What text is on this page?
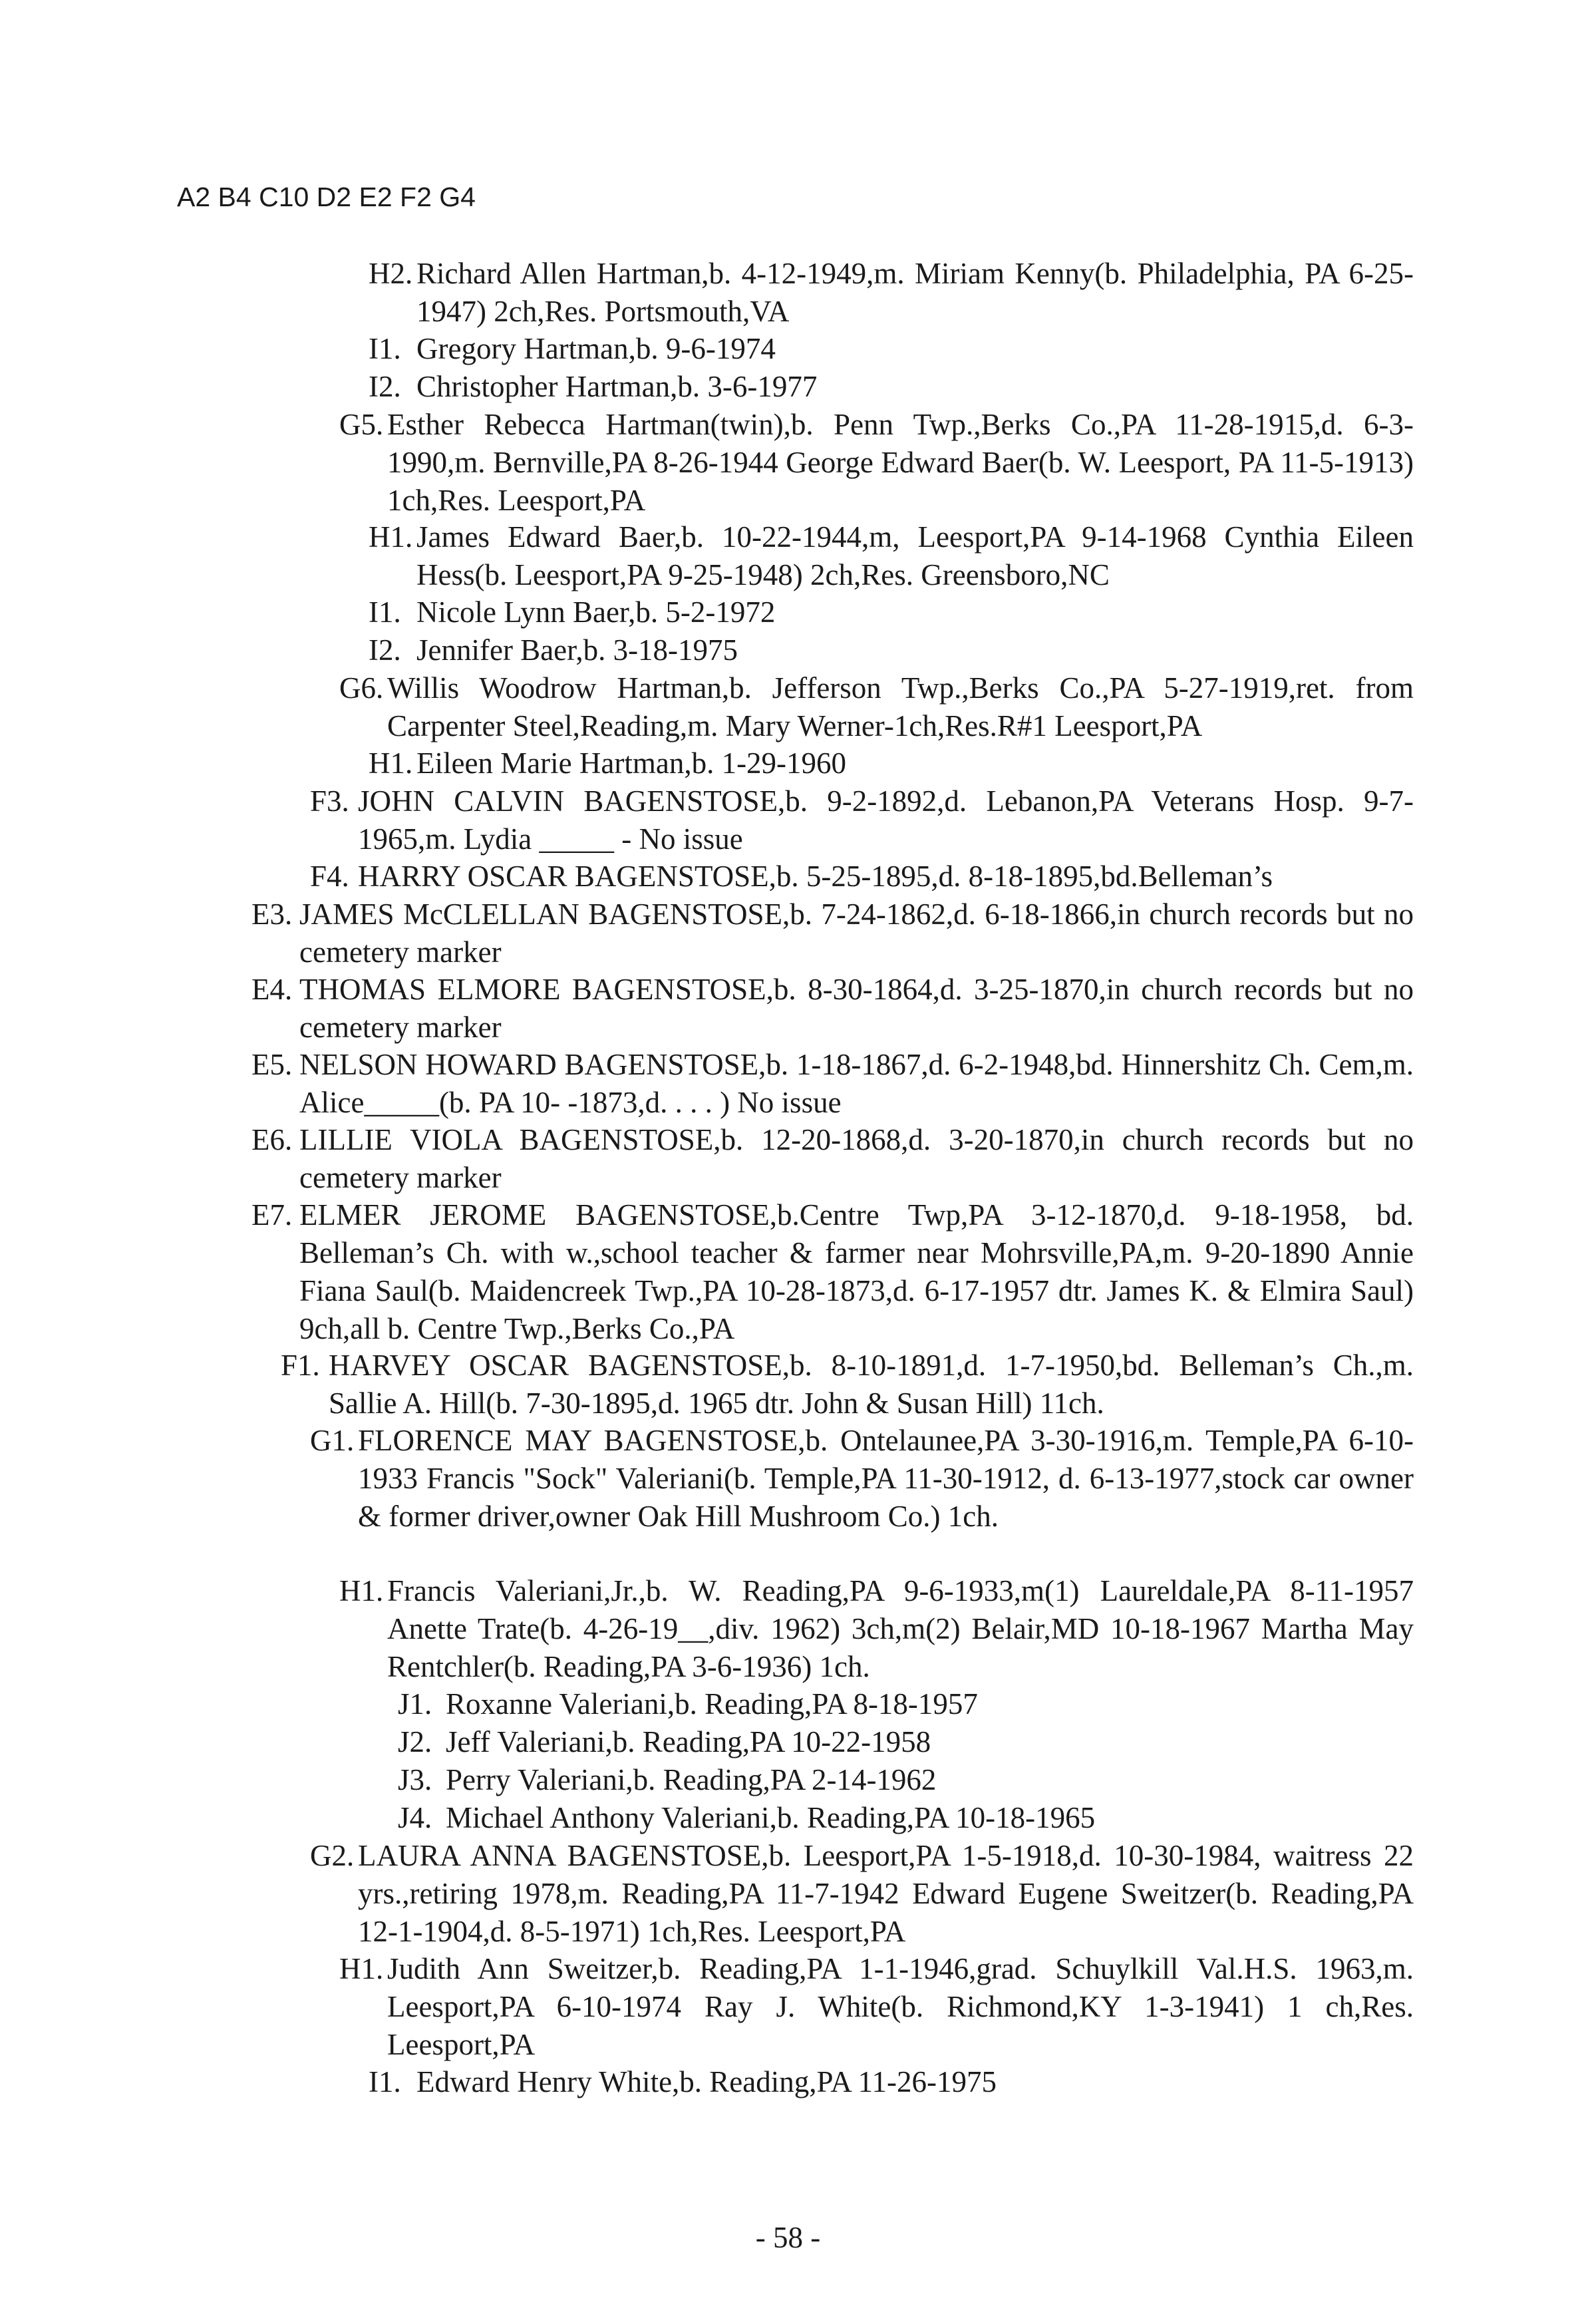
A2 B4 C10 D2 E2 F2 G4
H2. Richard Allen Hartman,b. 4-12-1949,m. Miriam Kenny(b. Philadelphia, PA 6-25-1947) 2ch,Res. Portsmouth,VA
I1. Gregory Hartman,b. 9-6-1974
I2. Christopher Hartman,b. 3-6-1977
G5. Esther Rebecca Hartman(twin),b. Penn Twp.,Berks Co.,PA 11-28-1915,d. 6-3-1990,m. Bernville,PA 8-26-1944 George Edward Baer(b. W. Leesport, PA 11-5-1913) 1ch,Res. Leesport,PA
H1. James Edward Baer,b. 10-22-1944,m, Leesport,PA 9-14-1968 Cynthia Eileen Hess(b. Leesport,PA 9-25-1948) 2ch,Res. Greensboro,NC
I1. Nicole Lynn Baer,b. 5-2-1972
I2. Jennifer Baer,b. 3-18-1975
G6. Willis Woodrow Hartman,b. Jefferson Twp.,Berks Co.,PA 5-27-1919,ret. from Carpenter Steel,Reading,m. Mary Werner-1ch,Res.R#1 Leesport,PA
H1. Eileen Marie Hartman,b. 1-29-1960
F3. JOHN CALVIN BAGENSTOSE,b. 9-2-1892,d. Lebanon,PA Veterans Hosp. 9-7-1965,m. Lydia _____ - No issue
F4. HARRY OSCAR BAGENSTOSE,b. 5-25-1895,d. 8-18-1895,bd.Belleman’s
E3. JAMES McCLELLAN BAGENSTOSE,b. 7-24-1862,d. 6-18-1866,in church records but no cemetery marker
E4. THOMAS ELMORE BAGENSTOSE,b. 8-30-1864,d. 3-25-1870,in church records but no cemetery marker
E5. NELSON HOWARD BAGENSTOSE,b. 1-18-1867,d. 6-2-1948,bd. Hinnershitz Ch. Cem,m. Alice_____(b. PA 10- -1873,d. . . . ) No issue
E6. LILLIE VIOLA BAGENSTOSE,b. 12-20-1868,d. 3-20-1870,in church records but no cemetery marker
E7. ELMER JEROME BAGENSTOSE,b.Centre Twp,PA 3-12-1870,d. 9-18-1958, bd. Belleman’s Ch. with w.,school teacher & farmer near Mohrsville,PA,m. 9-20-1890 Annie Fiana Saul(b. Maidencreek Twp.,PA 10-28-1873,d. 6-17-1957 dtr. James K. & Elmira Saul) 9ch,all b. Centre Twp.,Berks Co.,PA
F1. HARVEY OSCAR BAGENSTOSE,b. 8-10-1891,d. 1-7-1950,bd. Belleman’s Ch.,m. Sallie A. Hill(b. 7-30-1895,d. 1965 dtr. John & Susan Hill) 11ch.
G1. FLORENCE MAY BAGENSTOSE,b. Ontelaunee,PA 3-30-1916,m. Temple,PA 6-10-1933 Francis "Sock" Valeriani(b. Temple,PA 11-30-1912, d. 6-13-1977,stock car owner & former driver,owner Oak Hill Mushroom Co.) 1ch.
H1. Francis Valeriani,Jr.,b. W. Reading,PA 9-6-1933,m(1) Laureldale,PA 8-11-1957 Anette Trate(b. 4-26-19__,div. 1962) 3ch,m(2) Belair,MD 10-18-1967 Martha May Rentchler(b. Reading,PA 3-6-1936) 1ch.
J1. Roxanne Valeriani,b. Reading,PA 8-18-1957
J2. Jeff Valeriani,b. Reading,PA 10-22-1958
J3. Perry Valeriani,b. Reading,PA 2-14-1962
J4. Michael Anthony Valeriani,b. Reading,PA 10-18-1965
G2. LAURA ANNA BAGENSTOSE,b. Leesport,PA 1-5-1918,d. 10-30-1984, waitress 22 yrs.,retiring 1978,m. Reading,PA 11-7-1942 Edward Eugene Sweitzer(b. Reading,PA 12-1-1904,d. 8-5-1971) 1ch,Res. Leesport,PA
H1. Judith Ann Sweitzer,b. Reading,PA 1-1-1946,grad. Schuylkill Val.H.S. 1963,m. Leesport,PA 6-10-1974 Ray J. White(b. Richmond,KY 1-3-1941) 1 ch,Res. Leesport,PA
I1. Edward Henry White,b. Reading,PA 11-26-1975
- 58 -
